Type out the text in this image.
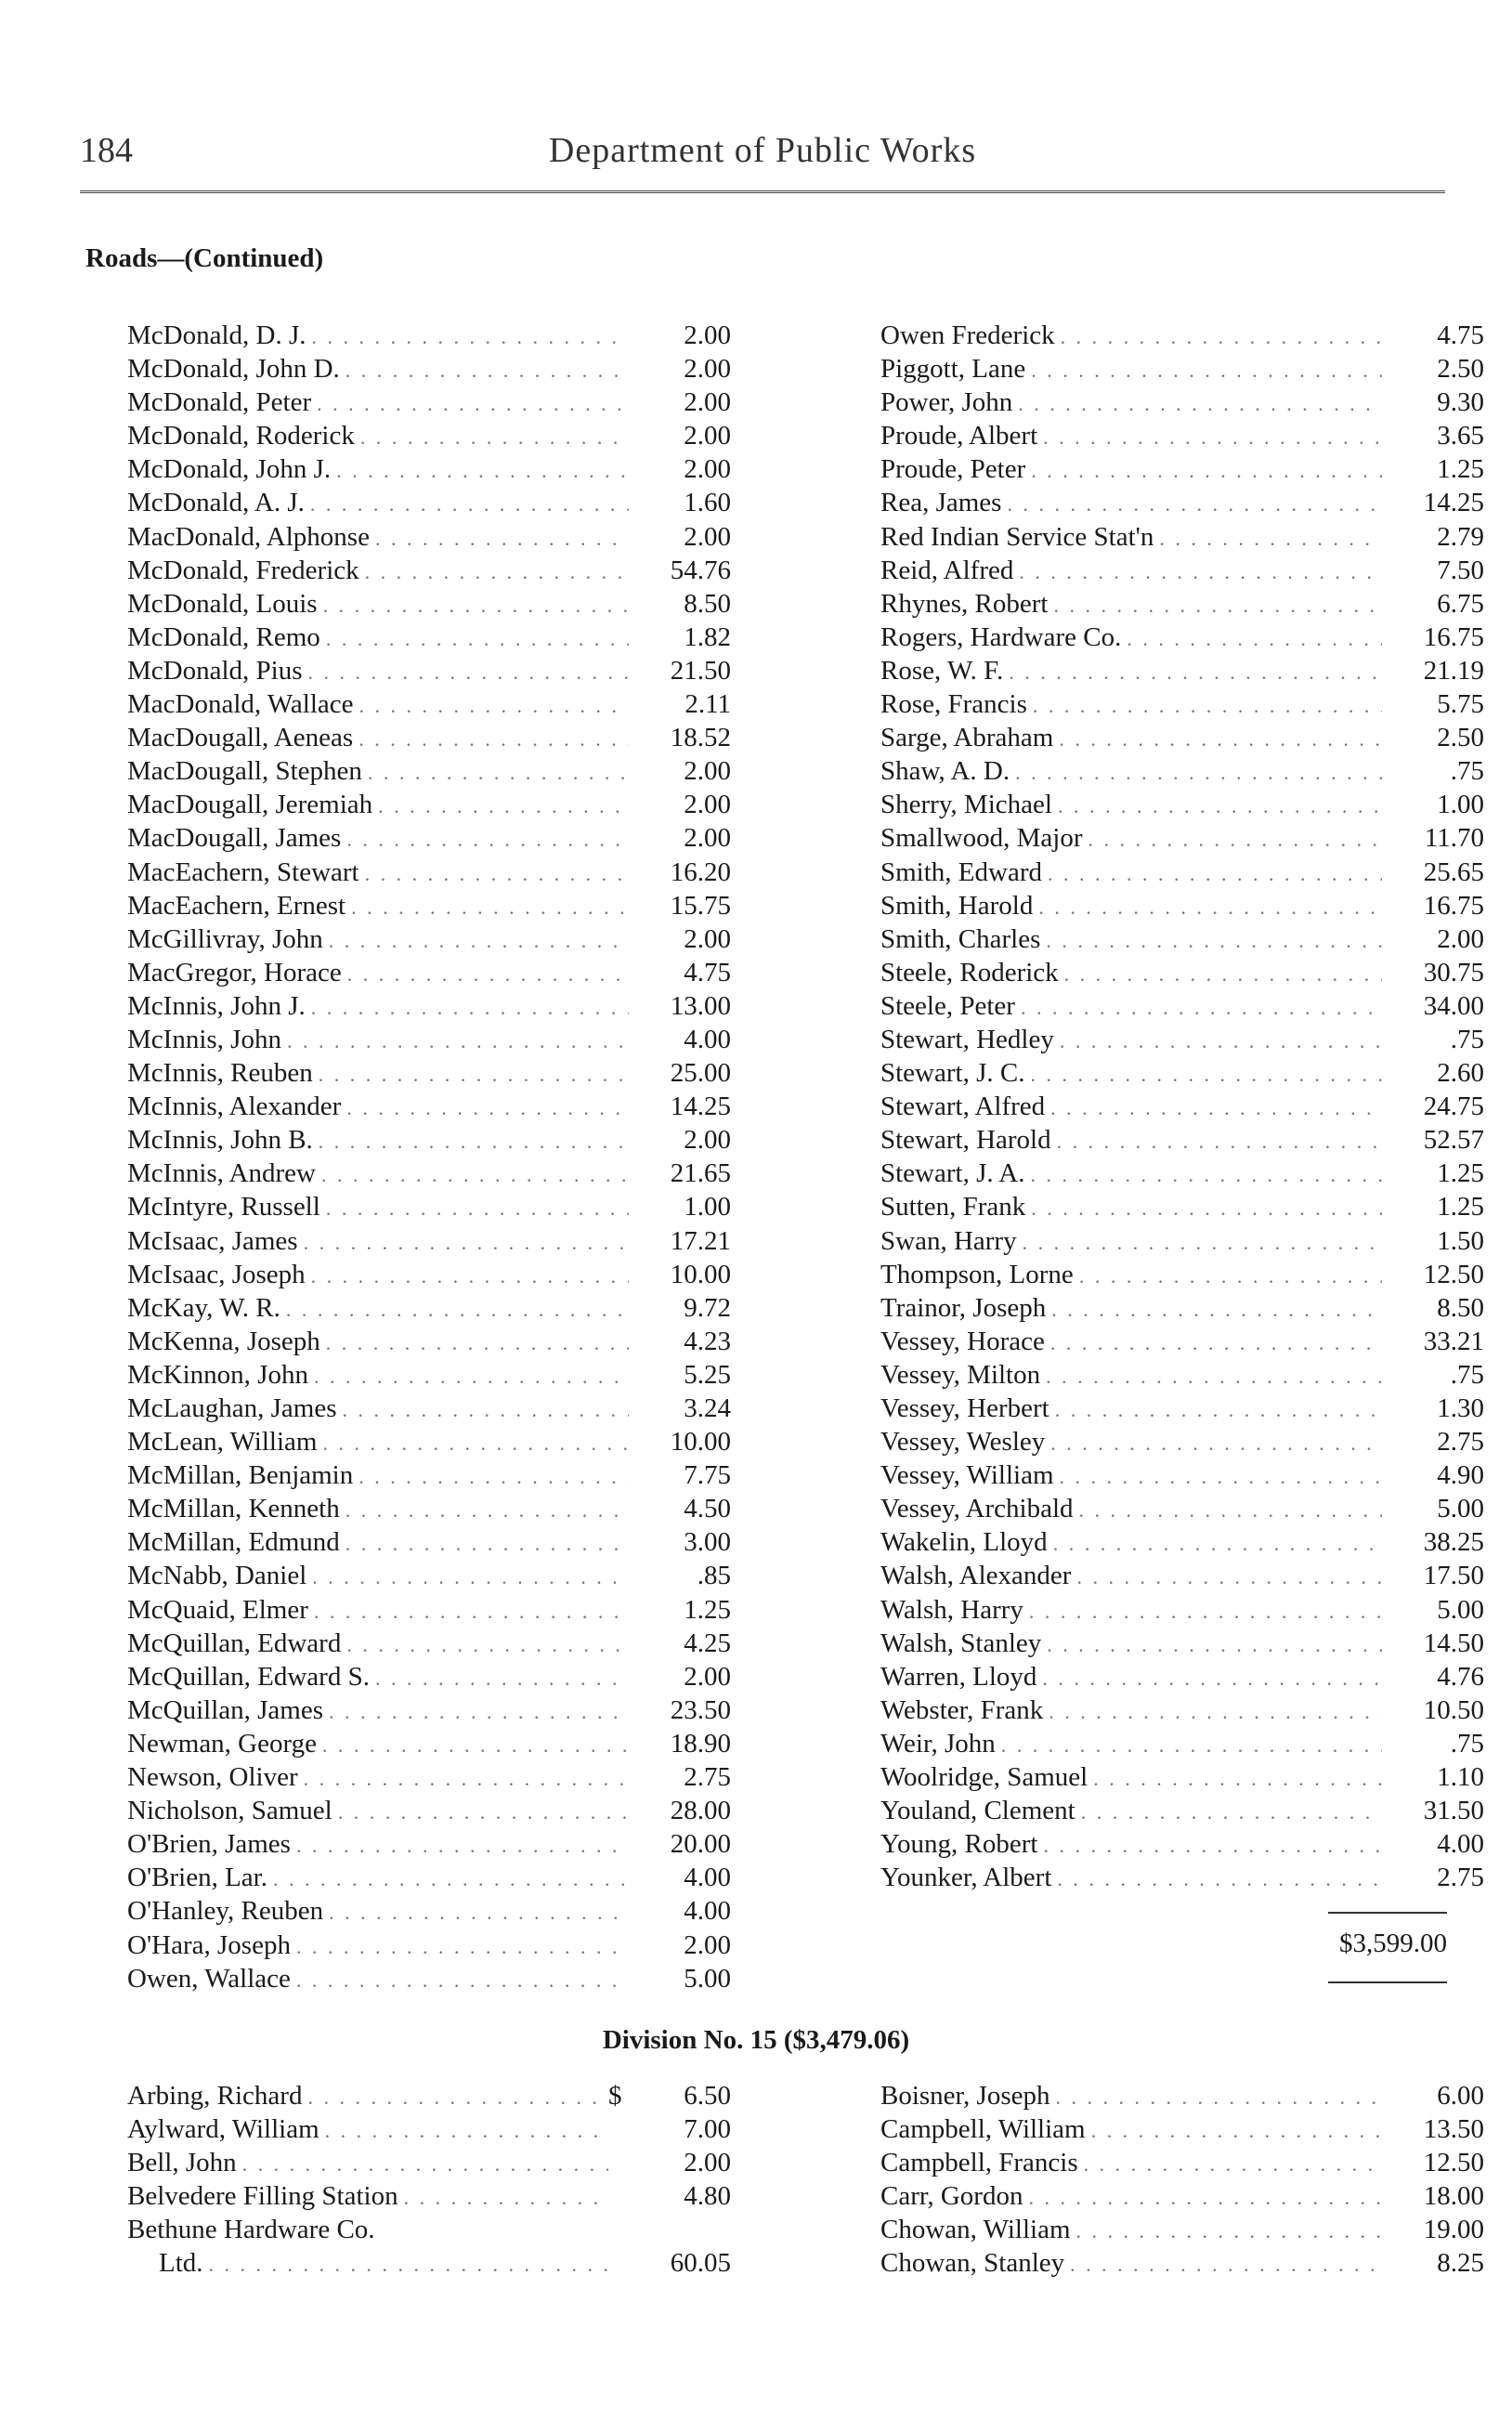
184	Department of Public Works
Roads—(Continued)
McDonald, D. J. . . .	2.00
McDonald, John D. . . .	2.00
McDonald, Peter . . .	2.00
McDonald, Roderick . . .	2.00
McDonald, John J. . . .	2.00
McDonald, A. J. . . .	1.60
MacDonald, Alphonse . . .	2.00
McDonald, Frederick . . .	54.76
McDonald, Louis . . .	8.50
McDonald, Remo . . .	1.82
McDonald, Pius . . .	21.50
MacDonald, Wallace . . .	2.11
MacDougall, Aeneas . . .	18.52
MacDougall, Stephen . . .	2.00
MacDougall, Jeremiah . . .	2.00
MacDougall, James . . .	2.00
MacEachern, Stewart . . .	16.20
MacEachern, Ernest . . .	15.75
McGillivray, John . . .	2.00
MacGregor, Horace . . .	4.75
McInnis, John J. . . .	13.00
McInnis, John . . .	4.00
McInnis, Reuben . . .	25.00
McInnis, Alexander . . .	14.25
McInnis, John B. . . .	2.00
McInnis, Andrew . . .	21.65
McIntyre, Russell . . .	1.00
McIsaac, James . . .	17.21
McIsaac, Joseph . . .	10.00
McKay, W. R. . . .	9.72
McKenna, Joseph . . .	4.23
McKinnon, John . . .	5.25
McLaughan, James . . .	3.24
McLean, William . . .	10.00
McMillan, Benjamin . . .	7.75
McMillan, Kenneth . . .	4.50
McMillan, Edmund . . .	3.00
McNabb, Daniel . . .	.85
McQuaid, Elmer . . .	1.25
McQuillan, Edward . . .	4.25
McQuillan, Edward S. . . .	2.00
McQuillan, James . . .	23.50
Newman, George . . .	18.90
Newson, Oliver . . .	2.75
Nicholson, Samuel . . .	28.00
O'Brien, James . . .	20.00
O'Brien, Lar. . . .	4.00
O'Hanley, Reuben . . .	4.00
O'Hara, Joseph . . .	2.00
Owen, Wallace . . .	5.00
Owen Frederick . . .	4.75
Piggott, Lane . . .	2.50
Power, John . . .	9.30
Proude, Albert . . .	3.65
Proude, Peter . . .	1.25
Rea, James . . .	14.25
Red Indian Service Stat'n . . .	2.79
Reid, Alfred . . .	7.50
Rhynes, Robert . . .	6.75
Rogers, Hardware Co. . . .	16.75
Rose, W. F. . . .	21.19
Rose, Francis . . .	5.75
Sarge, Abraham . . .	2.50
Shaw, A. D. . . .	.75
Sherry, Michael . . .	1.00
Smallwood, Major . . .	11.70
Smith, Edward . . .	25.65
Smith, Harold . . .	16.75
Smith, Charles . . .	2.00
Steele, Roderick . . .	30.75
Steele, Peter . . .	34.00
Stewart, Hedley . . .	.75
Stewart, J. C. . . .	2.60
Stewart, Alfred . . .	24.75
Stewart, Harold . . .	52.57
Stewart, J. A. . . .	1.25
Sutten, Frank . . .	1.25
Swan, Harry . . .	1.50
Thompson, Lorne . . .	12.50
Trainor, Joseph . . .	8.50
Vessey, Horace . . .	33.21
Vessey, Milton . . .	.75
Vessey, Herbert . . .	1.30
Vessey, Wesley . . .	2.75
Vessey, William . . .	4.90
Vessey, Archibald . . .	5.00
Wakelin, Lloyd . . .	38.25
Walsh, Alexander . . .	17.50
Walsh, Harry . . .	5.00
Walsh, Stanley . . .	14.50
Warren, Lloyd . . .	4.76
Webster, Frank . . .	10.50
Weir, John . . .	.75
Woolridge, Samuel . . .	1.10
Youland, Clement . . .	31.50
Young, Robert . . .	4.00
Younker, Albert . . .	2.75
$3,599.00
Division No. 15 ($3,479.06)
Arbing, Richard . . .	$	6.50
Aylward, William . . .	7.00
Bell, John . . .	2.00
Belvedere Filling Station . . .	4.80
Bethune Hardware Co.
Ltd. . . .	60.05
Boisner, Joseph . . .	6.00
Campbell, William . . .	13.50
Campbell, Francis . . .	12.50
Carr, Gordon . . .	18.00
Chowan, William . . .	19.00
Chowan, Stanley . . .	8.25
